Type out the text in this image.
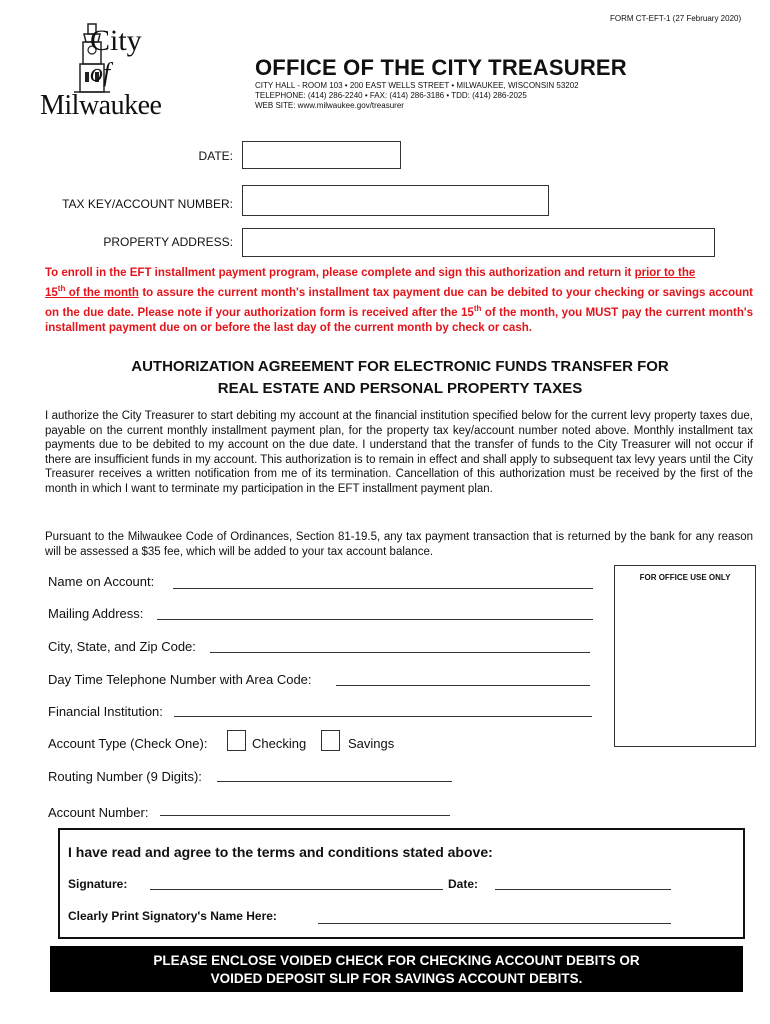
FORM CT-EFT-1 (27 February 2020)
City
of
Milwaukee
OFFICE OF THE CITY TREASURER
CITY HALL - ROOM 103 • 200 EAST WELLS STREET • MILWAUKEE, WISCONSIN 53202
TELEPHONE: (414) 286-2240 • FAX: (414) 286-3186 • TDD: (414) 286-2025
WEB SITE: www.milwaukee.gov/treasurer
DATE:
TAX KEY/ACCOUNT NUMBER:
PROPERTY ADDRESS:
To enroll in the EFT installment payment program, please complete and sign this authorization and return it prior to the
15th of the month to assure the current month's installment tax payment due can be debited to your checking or savings account on the due date. Please note if your authorization form is received after the 15th of the month, you MUST pay the current month's installment payment due on or before the last day of the current month by check or cash.
AUTHORIZATION AGREEMENT FOR ELECTRONIC FUNDS TRANSFER FOR
REAL ESTATE AND PERSONAL PROPERTY TAXES
I authorize the City Treasurer to start debiting my account at the financial institution specified below for the current levy property taxes due, payable on the current monthly installment payment plan, for the property tax key/account number noted above. Monthly installment tax payments due to be debited to my account on the due date. I understand that the transfer of funds to the City Treasurer will not occur if there are insufficient funds in my account. This authorization is to remain in effect and shall apply to subsequent tax levy years until the City Treasurer receives a written notification from me of its termination. Cancellation of this authorization must be received by the first of the month in which I want to terminate my participation in the EFT installment payment plan.
Pursuant to the Milwaukee Code of Ordinances, Section 81-19.5, any tax payment transaction that is returned by the bank for any reason will be assessed a $35 fee, which will be added to your tax account balance.
FOR OFFICE USE ONLY
Name on Account:
Mailing Address:
City, State, and Zip Code:
Day Time Telephone Number with Area Code:
Financial Institution:
Account Type (Check One):	Checking	Savings
Routing Number (9 Digits):
Account Number:
I have read and agree to the terms and conditions stated above:
Signature:	Date:
Clearly Print Signatory's Name Here:
PLEASE ENCLOSE VOIDED CHECK FOR CHECKING ACCOUNT DEBITS OR
VOIDED DEPOSIT SLIP FOR SAVINGS ACCOUNT DEBITS.
